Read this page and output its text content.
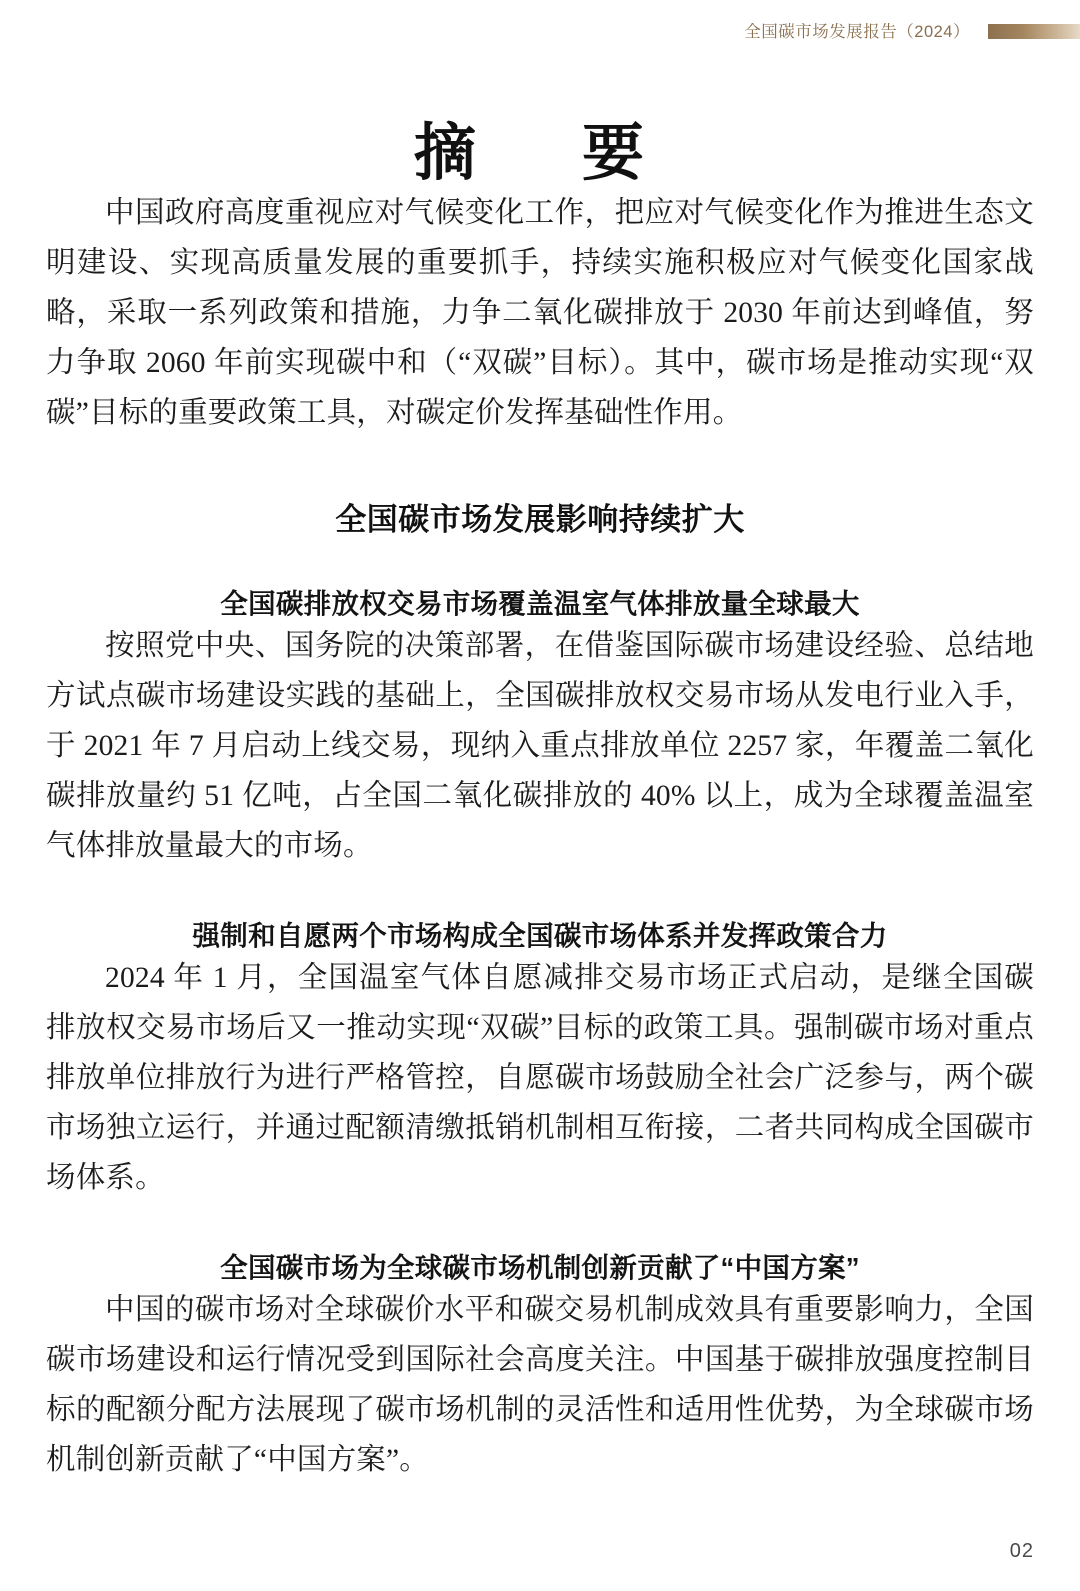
全国碳市场发展报告（2024）
摘　要

中国政府高度重视应对气候变化工作，把应对气候变化作为推进生态文明建设、实现高质量发展的重要抓手，持续实施积极应对气候变化国家战略，采取一系列政策和措施，力争二氧化碳排放于 2030 年前达到峰值，努力争取 2060 年前实现碳中和（“双碳”目标）。其中，碳市场是推动实现“双碳”目标的重要政策工具，对碳定价发挥基础性作用。

全国碳市场发展影响持续扩大
全国碳排放权交易市场覆盖温室气体排放量全球最大

按照党中央、国务院的决策部署，在借鉴国际碳市场建设经验、总结地方试点碳市场建设实践的基础上，全国碳排放权交易市场从发电行业入手，于 2021 年 7 月启动上线交易，现纳入重点排放单位 2257 家，年覆盖二氧化碳排放量约 51 亿吨，占全国二氧化碳排放的 40% 以上，成为全球覆盖温室气体排放量最大的市场。

强制和自愿两个市场构成全国碳市场体系并发挥政策合力

2024 年 1 月，全国温室气体自愿减排交易市场正式启动，是继全国碳排放权交易市场后又一推动实现“双碳”目标的政策工具。强制碳市场对重点排放单位排放行为进行严格管控，自愿碳市场鼓励全社会广泛参与，两个碳市场独立运行，并通过配额清缴抵销机制相互衔接，二者共同构成全国碳市场体系。

全国碳市场为全球碳市场机制创新贡献了“中国方案”

中国的碳市场对全球碳价水平和碳交易机制成效具有重要影响力，全国碳市场建设和运行情况受到国际社会高度关注。中国基于碳排放强度控制目标的配额分配方法展现了碳市场机制的灵活性和适用性优势，为全球碳市场机制创新贡献了“中国方案”。

02
